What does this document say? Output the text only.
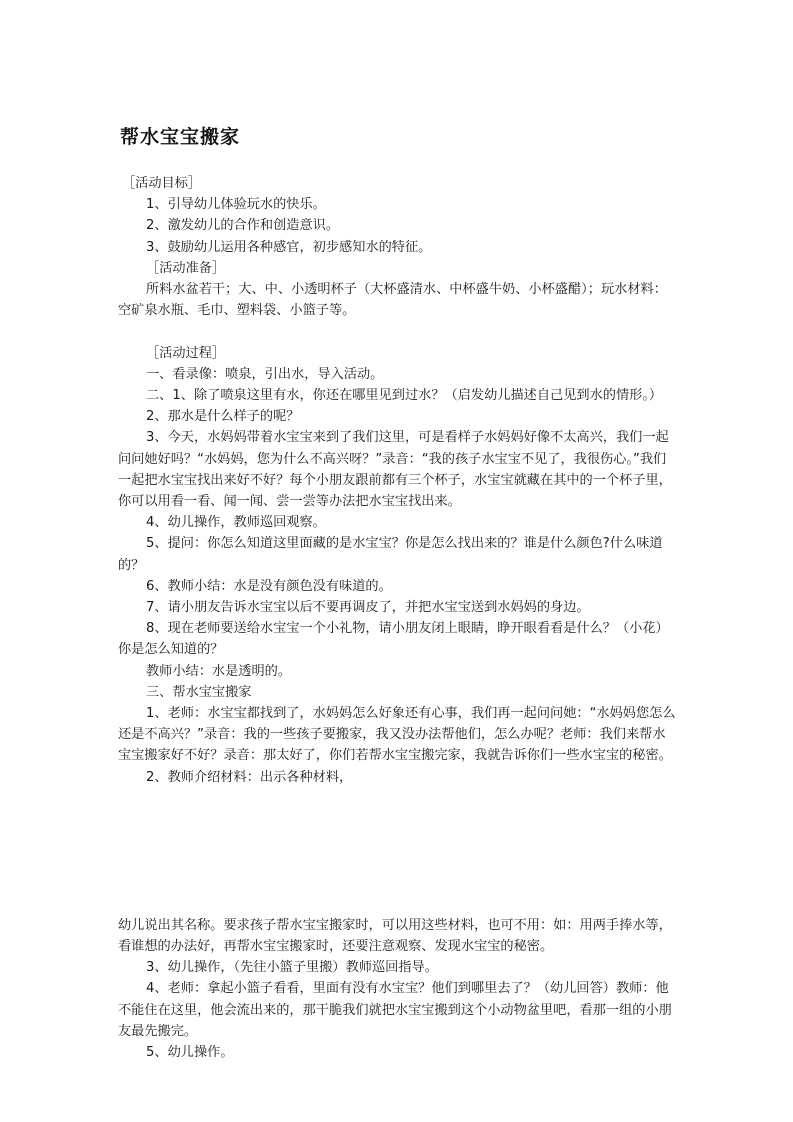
帮水宝宝搬家

［活动目标］

1、引导幼儿体验玩水的快乐。

2、激发幼儿的合作和创造意识。

3、鼓励幼儿运用各种感官，初步感知水的特征。

［活动准备］

所料水盆若干；大、中、小透明杯子（大杯盛清水、中杯盛牛奶、小杯盛醋）；玩水材料：空矿泉水瓶、毛巾、塑料袋、小篮子等。

［活动过程］

一、看录像：喷泉，引出水，导入活动。

二、1、除了喷泉这里有水，你还在哪里见到过水？（启发幼儿描述自己见到水的情形。）

2、那水是什么样子的呢？

3、今天，水妈妈带着水宝宝来到了我们这里，可是看样子水妈妈好像不太高兴，我们一起问问她好吗？“水妈妈，您为什么不高兴呀？”录音：“我的孩子水宝宝不见了，我很伤心。”我们一起把水宝宝找出来好不好？每个小朋友跟前都有三个杯子，水宝宝就藏在其中的一个杯子里，你可以用看一看、闻一闻、尝一尝等办法把水宝宝找出来。

4、幼儿操作，教师巡回观察。

5、提问：你怎么知道这里面藏的是水宝宝？你是怎么找出来的？谁是什么颜色?什么味道的？

6、教师小结：水是没有颜色没有味道的。

7、请小朋友告诉水宝宝以后不要再调皮了，并把水宝宝送到水妈妈的身边。

8、现在老师要送给水宝宝一个小礼物，请小朋友闭上眼睛，睁开眼看看是什么？（小花）你是怎么知道的？

教师小结：水是透明的。

三、帮水宝宝搬家

1、老师：水宝宝都找到了，水妈妈怎么好象还有心事，我们再一起问问她：“水妈妈您怎么还是不高兴？”录音：我的一些孩子要搬家，我又没办法帮他们，怎么办呢？老师：我们来帮水宝宝搬家好不好？录音：那太好了，你们若帮水宝宝搬完家，我就告诉你们一些水宝宝的秘密。

2、教师介绍材料：出示各种材料，

幼儿说出其名称。要求孩子帮水宝宝搬家时，可以用这些材料，也可不用：如：用两手捧水等，看谁想的办法好，再帮水宝宝搬家时，还要注意观察、发现水宝宝的秘密。

3、幼儿操作，（先往小篮子里搬）教师巡回指导。

4、老师：拿起小篮子看看，里面有没有水宝宝？他们到哪里去了？（幼儿回答）教师：他不能住在这里，他会流出来的，那干脆我们就把水宝宝搬到这个小动物盆里吧，看那一组的小朋友最先搬完。

5、幼儿操作。
